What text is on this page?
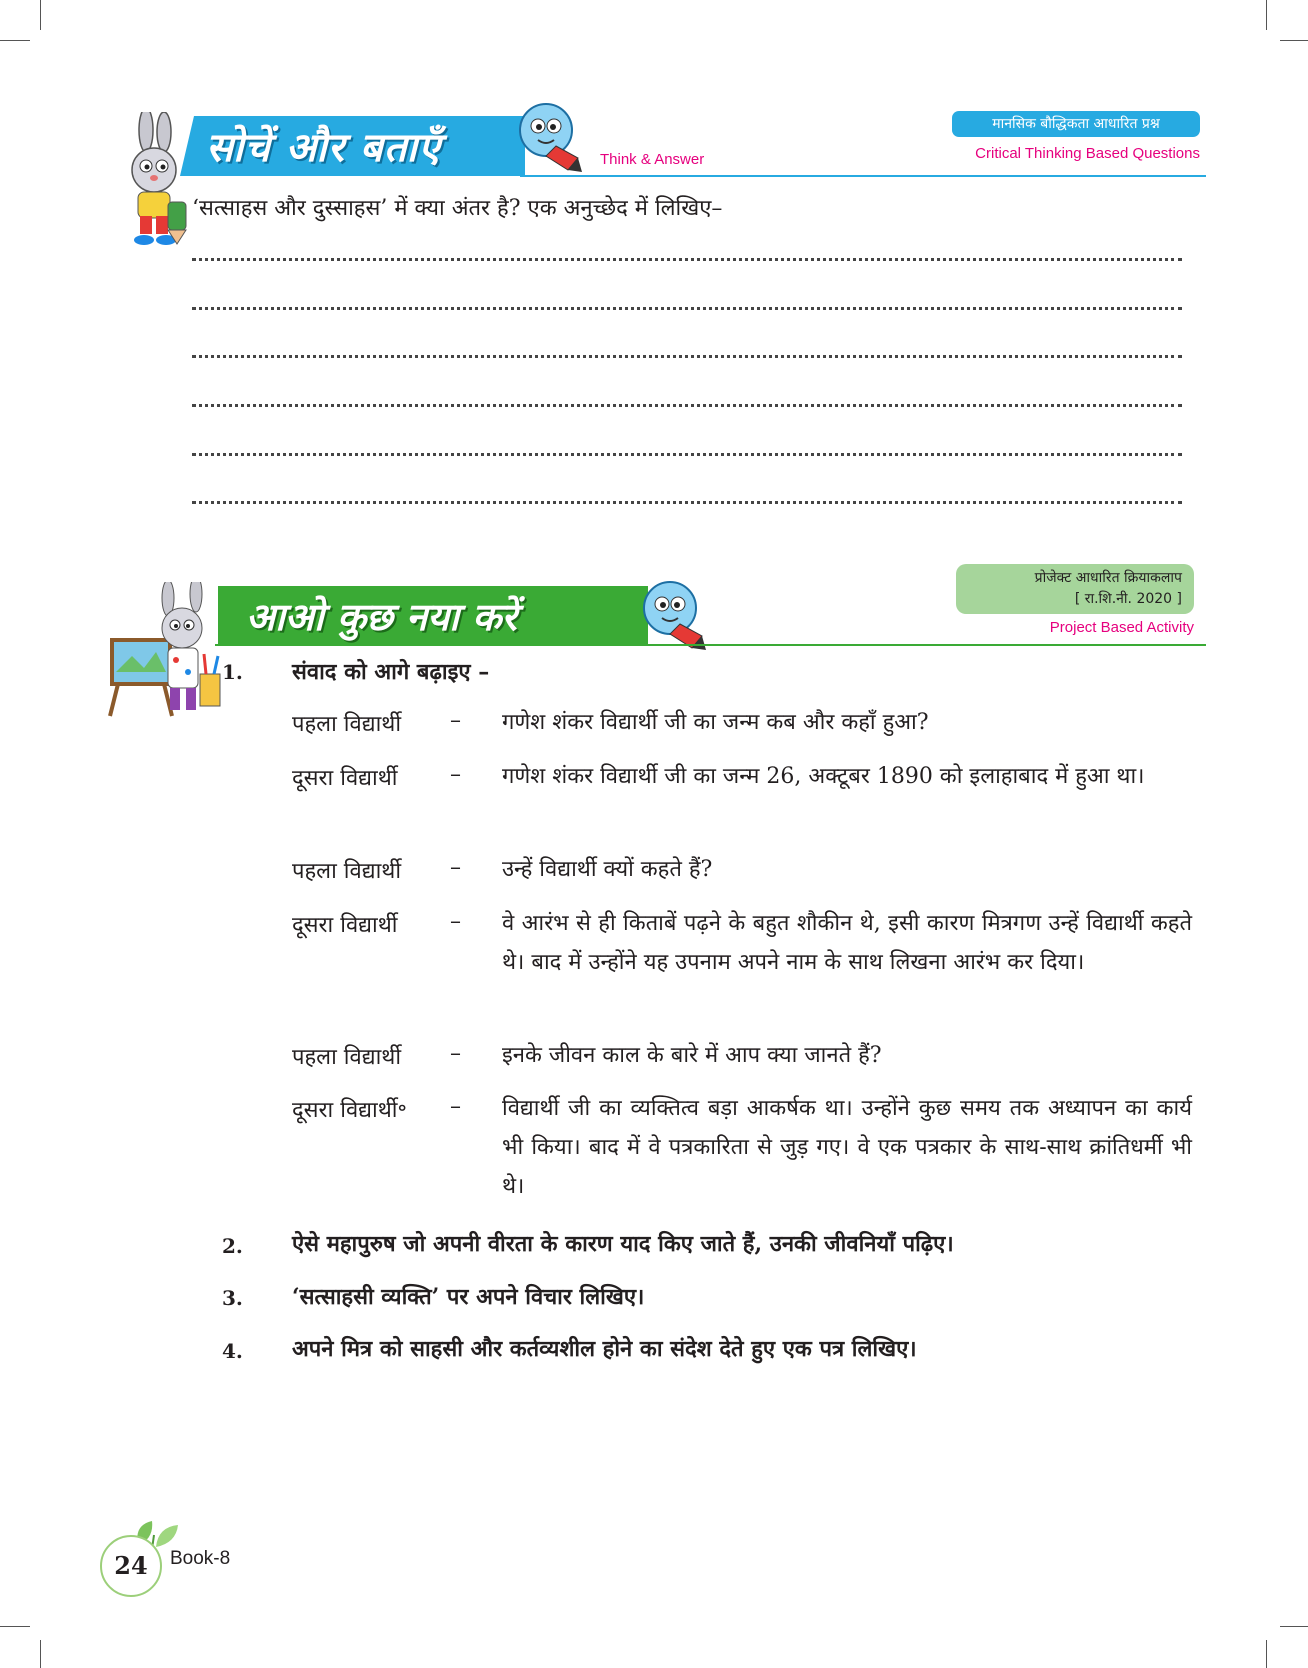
सोचें और बताएँ	Think & Answer
मानसिक बौद्धिकता आधारित प्रश्न
Critical Thinking Based Questions
‘सत्साहस और दुस्साहस’ में क्या अंतर है? एक अनुच्छेद में लिखिए–
प्रोजेक्ट आधारित क्रियाकलाप
[ रा.शि.नी. 2020 ]
Project Based Activity
आओ कुछ नया करें
1. संवाद को आगे बढ़ाइए –
पहला विद्यार्थी – गणेश शंकर विद्यार्थी जी का जन्म कब और कहाँ हुआ?
दूसरा विद्यार्थी – गणेश शंकर विद्यार्थी जी का जन्म 26, अक्टूबर 1890 को इलाहाबाद में हुआ था।
पहला विद्यार्थी – उन्हें विद्यार्थी क्यों कहते हैं?
दूसरा विद्यार्थी – वे आरंभ से ही किताबें पढ़ने के बहुत शौकीन थे, इसी कारण मित्रगण उन्हें विद्यार्थी कहते थे। बाद में उन्होंने यह उपनाम अपने नाम के साथ लिखना आरंभ कर दिया।
पहला विद्यार्थी – इनके जीवन काल के बारे में आप क्या जानते हैं?
दूसरा विद्यार्थी॰ – विद्यार्थी जी का व्यक्तित्व बड़ा आकर्षक था। उन्होंने कुछ समय तक अध्यापन का कार्य भी किया। बाद में वे पत्रकारिता से जुड़ गए। वे एक पत्रकार के साथ-साथ क्रांतिधर्मी भी थे।
2. ऐसे महापुरुष जो अपनी वीरता के कारण याद किए जाते हैं, उनकी जीवनियाँ पढ़िए।
3. ‘सत्साहसी व्यक्ति’ पर अपने विचार लिखिए।
4. अपने मित्र को साहसी और कर्तव्यशील होने का संदेश देते हुए एक पत्र लिखिए।
24	Book-8
